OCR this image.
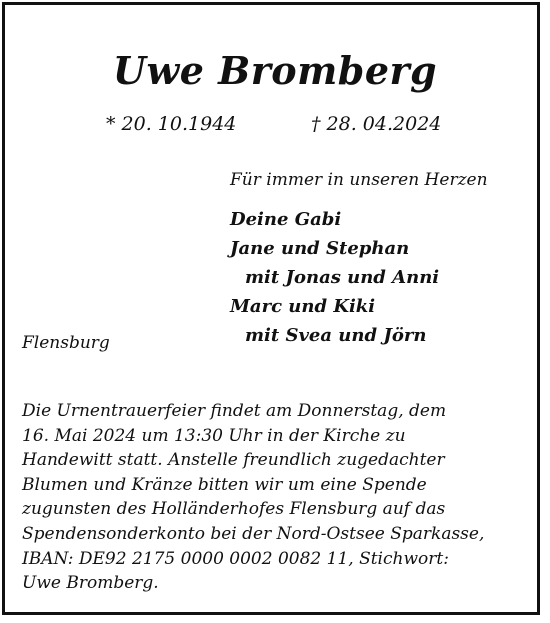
Uwe Bromberg
* 20. 10.1944	† 28. 04.2024
Für immer in unseren Herzen
Deine Gabi
Jane und Stephan
mit Jonas und Anni
Marc und Kiki
mit Svea und Jörn
Flensburg
Die Urnentrauerfeier findet am Donnerstag, dem
16. Mai 2024 um 13:30 Uhr in der Kirche zu
Handewitt statt. Anstelle freundlich zugedachter
Blumen und Kränze bitten wir um eine Spende
zugunsten des Holländerhofes Flensburg auf das
Spendensonderkonto bei der Nord-Ostsee Sparkasse,
IBAN: DE92 2175 0000 0002 0082 11, Stichwort:
Uwe Bromberg.
